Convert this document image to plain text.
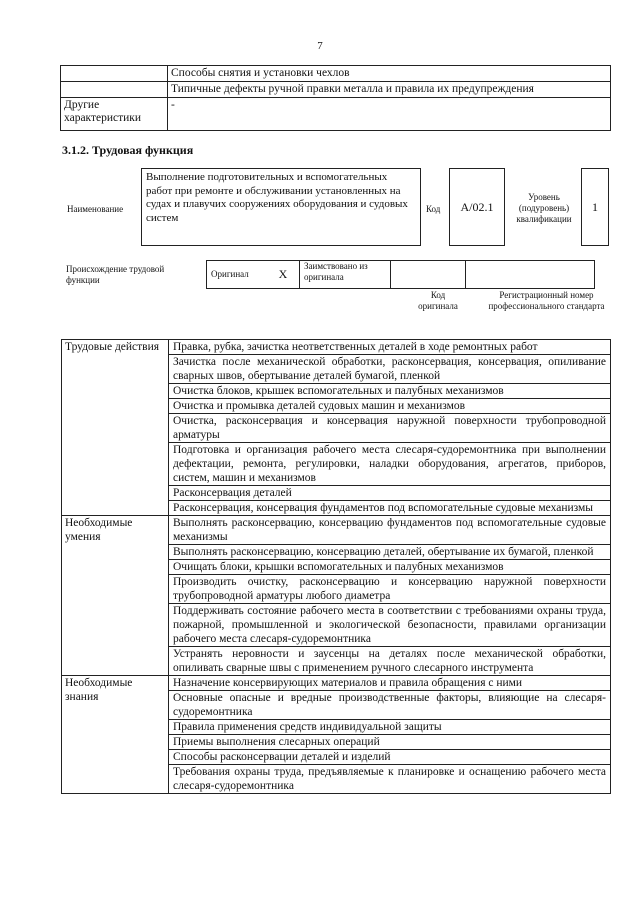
7
	Способы снятия и установки чехлов
	Типичные дефекты ручной правки металла и правила их предупреждения
Другие характеристики	-
3.1.2. Трудовая функция
Наименование
Выполнение подготовительных и вспомогательных работ при ремонте и обслуживании установленных на судах и плавучих сооружениях оборудования и судовых систем
Код	A/02.1
Уровень (подуровень) квалификации
1
Происхождение трудовой функции
Оригинал	X	Заимствовано из оригинала		
Код оригинала
Регистрационный номер профессионального стандарта
Трудовые действия	Правка, рубка, зачистка неответственных деталей в ходе ремонтных работ
	Зачистка после механической обработки, расконсервация, консервация, опиливание сварных швов, обертывание деталей бумагой, пленкой
	Очистка блоков, крышек вспомогательных и палубных механизмов
	Очистка и промывка деталей судовых машин и механизмов
	Очистка, расконсервация и консервация наружной поверхности трубопроводной арматуры
	Подготовка и организация рабочего места слесаря-судоремонтника при выполнении дефектации, ремонта, регулировки, наладки оборудования, агрегатов, приборов, систем, машин и механизмов
	Расконсервация деталей
	Расконсервация, консервация фундаментов под вспомогательные судовые механизмы
Необходимые умения	Выполнять расконсервацию, консервацию фундаментов под вспомогательные судовые механизмы
	Выполнять расконсервацию, консервацию деталей, обертывание их бумагой, пленкой
	Очищать блоки, крышки вспомогательных и палубных механизмов
	Производить очистку, расконсервацию и консервацию наружной поверхности трубопроводной арматуры любого диаметра
	Поддерживать состояние рабочего места в соответствии с требованиями охраны труда, пожарной, промышленной и экологической безопасности, правилами организации рабочего места слесаря-судоремонтника
	Устранять неровности и заусенцы на деталях после механической обработки, опиливать сварные швы с применением ручного слесарного инструмента
Необходимые знания	Назначение консервирующих материалов и правила обращения с ними
	Основные опасные и вредные производственные факторы, влияющие на слесаря-судоремонтника
	Правила применения средств индивидуальной защиты
	Приемы выполнения слесарных операций
	Способы расконсервации деталей и изделий
	Требования охраны труда, предъявляемые к планировке и оснащению рабочего места слесаря-судоремонтника
